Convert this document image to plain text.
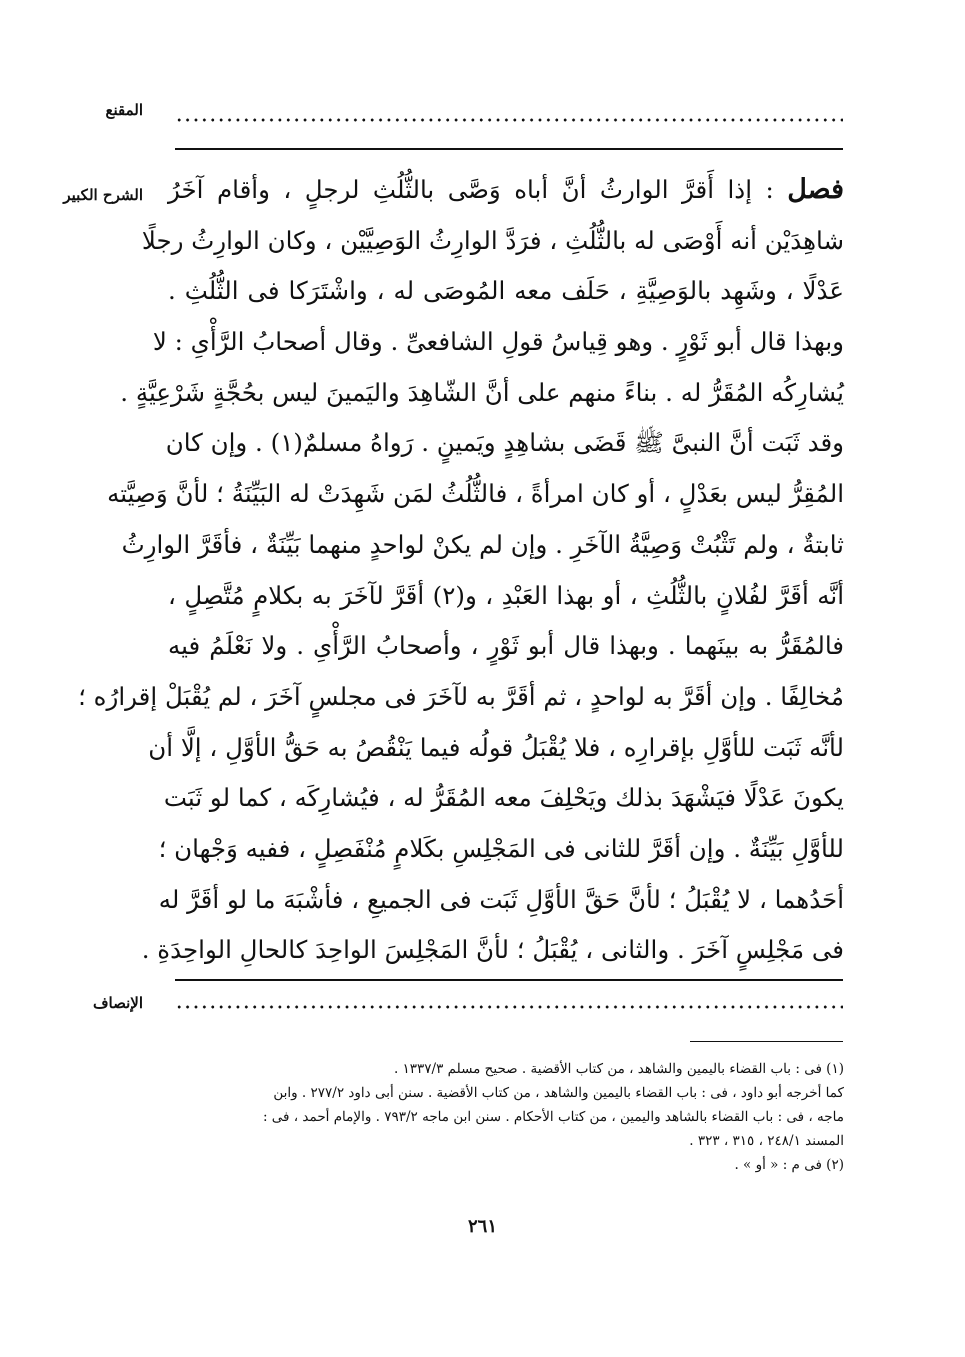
المقنع
الشرح الكبير	فصل : إذا أَقرَّ الوارثُ أنَّ أباه وَصَّى بالثُّلُثِ لرجلٍ ، وأقام آخَرُ
شاهِدَيْن أنه أَوْصَى له بالثُّلُثِ ، فرَدَّ الوارِثُ الوَصِيَّيْن ، وكان الوارِثُ رجلًا
عَدْلًا ، وشَهِد بالوَصِيَّةِ ، حَلَف معه المُوصَى له ، واشْتَرَكا فى الثُّلُثِ .
وبهذا قال أبو ثَوْرٍ . وهو قِياسُ قولِ الشافعىِّ . وقال أصحابُ الرَّأْىِ : لا
يُشارِكُه المُقَرُّ له . بناءً منهم على أنَّ الشّاهِدَ واليَمينَ ليس بحُجَّةٍ شَرْعِيَّةٍ .
وقد ثَبَت أنَّ النبىَّ ﷺ قَضَى بشاهِدٍ ويَمينٍ . رَواهُ مسلمٌ(١) . وإن كان
المُقِرُّ ليس بعَدْلٍ ، أو كان امرأةً ، فالثُّلُثُ لمَن شَهِدَتْ له البَيِّنَةُ ؛ لأنَّ وَصِيَّته
ثابتةٌ ، ولم تَثْبُتْ وَصِيَّةُ الآخَرِ . وإن لم يكنْ لواحدٍ منهما بَيِّنَةٌ ، فأقَرَّ الوارِثُ
أنَّه أقَرَّ لفُلانٍ بالثُّلُثِ ، أو بهذا العَبْدِ ، و(٢) أقَرَّ لآخَرَ به بكلامٍ مُتَّصِلٍ ،
فالمُقَرُّ به بينَهما . وبهذا قال أبو ثَوْرٍ ، وأصحابُ الرَّأْىِ . ولا نَعْلَمُ فيه
مُخالِفًا . وإن أقَرَّ به لواحدٍ ، ثم أقَرَّ به لآخَرَ فى مجلسٍ آخَرَ ، لم يُقْبَلْ إقرارُه ؛
لأنَّه ثَبَت للأوَّلِ بإقرارِه ، فلا يُقْبَلُ قولُه فيما يَنْقُصُ به حَقُّ الأوَّلِ ، إلَّا أن
يكونَ عَدْلًا فيَشْهَدَ بذلك ويَحْلِفَ معه المُقَرُّ له ، فيُشارِكَه ، كما لو ثَبَت
للأوَّلِ بَيِّنَةٌ . وإن أقَرَّ للثانى فى المَجْلِسِ بكَلامٍ مُنْفَصِلٍ ، ففيه وَجْهان ؛
أحَدُهما ، لا يُقْبَلُ ؛ لأنَّ حَقَّ الأوَّلِ ثَبَت فى الجميعِ ، فأشْبَهَ ما لو أقَرَّ له
فى مَجْلِسٍ آخَرَ . والثانى ، يُقْبَلُ ؛ لأنَّ المَجْلِسَ الواحِدَ كالحالِ الواحِدَةِ .
الإنصاف
(١) فى : باب القضاء باليمين والشاهد ، من كتاب الأقضية . صحيح مسلم ١٣٣٧/٣ .
كما أخرجه أبو داود ، فى : باب القضاء باليمين والشاهد ، من كتاب الأقضية . سنن أبى داود ٢٧٧/٢ . وابن
ماجه ، فى : باب القضاء بالشاهد واليمين ، من كتاب الأحكام . سنن ابن ماجه ٧٩٣/٢ . والإمام أحمد ، فى :
المسند ٢٤٨/١ ، ٣١٥ ، ٣٢٣ .
(٢) فى م : « أو » .
٢٦١
